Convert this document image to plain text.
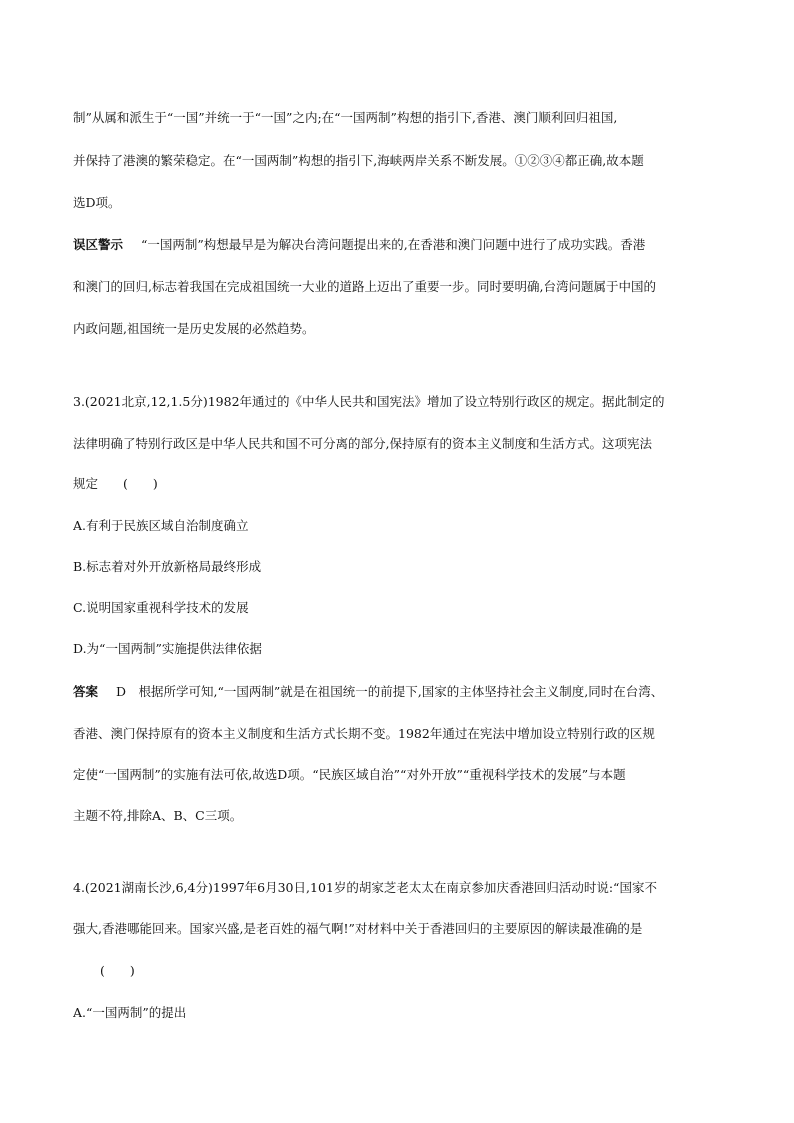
制”从属和派生于“一国”并统一于“一国”之内;在“一国两制”构想的指引下,香港、澳门顺利回归祖国,
并保持了港澳的繁荣稳定。在“一国两制”构想的指引下,海峡两岸关系不断发展。①②③④都正确,故本题
选D项。
误区警示 “一国两制”构想最早是为解决台湾问题提出来的,在香港和澳门问题中进行了成功实践。香港
和澳门的回归,标志着我国在完成祖国统一大业的道路上迈出了重要一步。同时要明确,台湾问题属于中国的
内政问题,祖国统一是历史发展的必然趋势。
3.(2021北京,12,1.5分)1982年通过的《中华人民共和国宪法》增加了设立特别行政区的规定。据此制定的
法律明确了特别行政区是中华人民共和国不可分离的部分,保持原有的资本主义制度和生活方式。这项宪法
规定　　(　　)
A.有利于民族区域自治制度确立
B.标志着对外开放新格局最终形成
C.说明国家重视科学技术的发展
D.为“一国两制”实施提供法律依据
答案 D　根据所学可知,“一国两制”就是在祖国统一的前提下,国家的主体坚持社会主义制度,同时在台湾、
香港、澳门保持原有的资本主义制度和生活方式长期不变。1982年通过在宪法中增加设立特别行政的区规
定使“一国两制”的实施有法可依,故选D项。“民族区域自治”“对外开放”“重视科学技术的发展”与本题
主题不符,排除A、B、C三项。
4.(2021湖南长沙,6,4分)1997年6月30日,101岁的胡家芝老太太在南京参加庆香港回归活动时说:“国家不
强大,香港哪能回来。国家兴盛,是老百姓的福气啊!”对材料中关于香港回归的主要原因的解读最准确的是
(　　)
A.“一国两制”的提出
